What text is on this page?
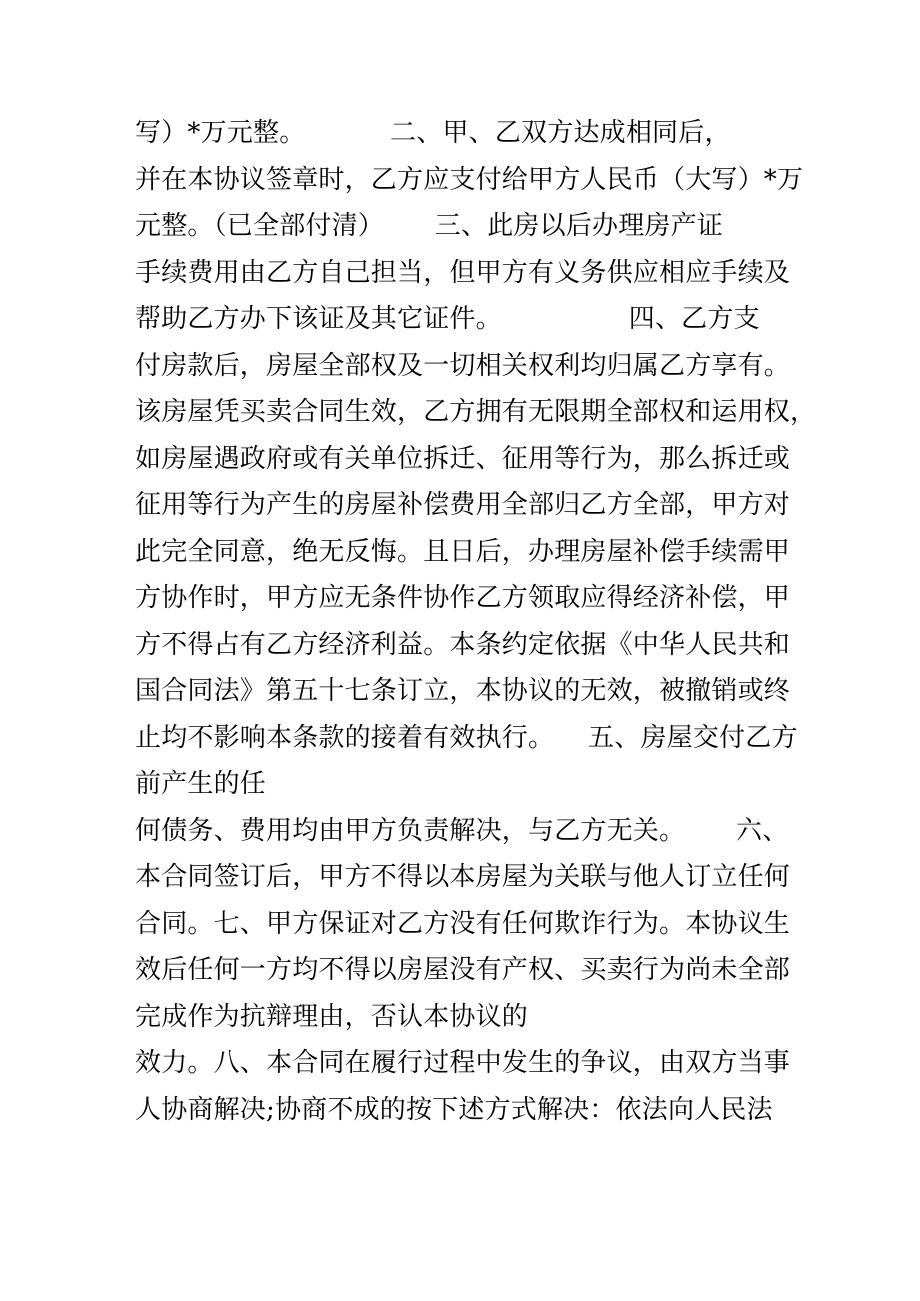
写）*万元整。          二、甲、乙双方达成相同后，
并在本协议签章时，乙方应支付给甲方人民币（大写）*万
元整。（已全部付清）      三、此房以后办理房产证
手续费用由乙方自己担当，但甲方有义务供应相应手续及
帮助乙方办下该证及其它证件。               四、乙方支
付房款后，房屋全部权及一切相关权利均归属乙方享有。
该房屋凭买卖合同生效，乙方拥有无限期全部权和运用权，
如房屋遇政府或有关单位拆迁、征用等行为，那么拆迁或
征用等行为产生的房屋补偿费用全部归乙方全部，甲方对
此完全同意，绝无反悔。且日后，办理房屋补偿手续需甲
方协作时，甲方应无条件协作乙方领取应得经济补偿，甲
方不得占有乙方经济利益。本条约定依据《中华人民共和
国合同法》第五十七条订立，本协议的无效，被撤销或终
止均不影响本条款的接着有效执行。    五、房屋交付乙方
前产生的任
何债务、费用均由甲方负责解决，与乙方无关。      六、
本合同签订后，甲方不得以本房屋为关联与他人订立任何
合同。七、甲方保证对乙方没有任何欺诈行为。本协议生
效后任何一方均不得以房屋没有产权、买卖行为尚未全部
完成作为抗辩理由，否认本协议的
效力。八、本合同在履行过程中发生的争议，由双方当事
人协商解决;协商不成的按下述方式解决：依法向人民法
